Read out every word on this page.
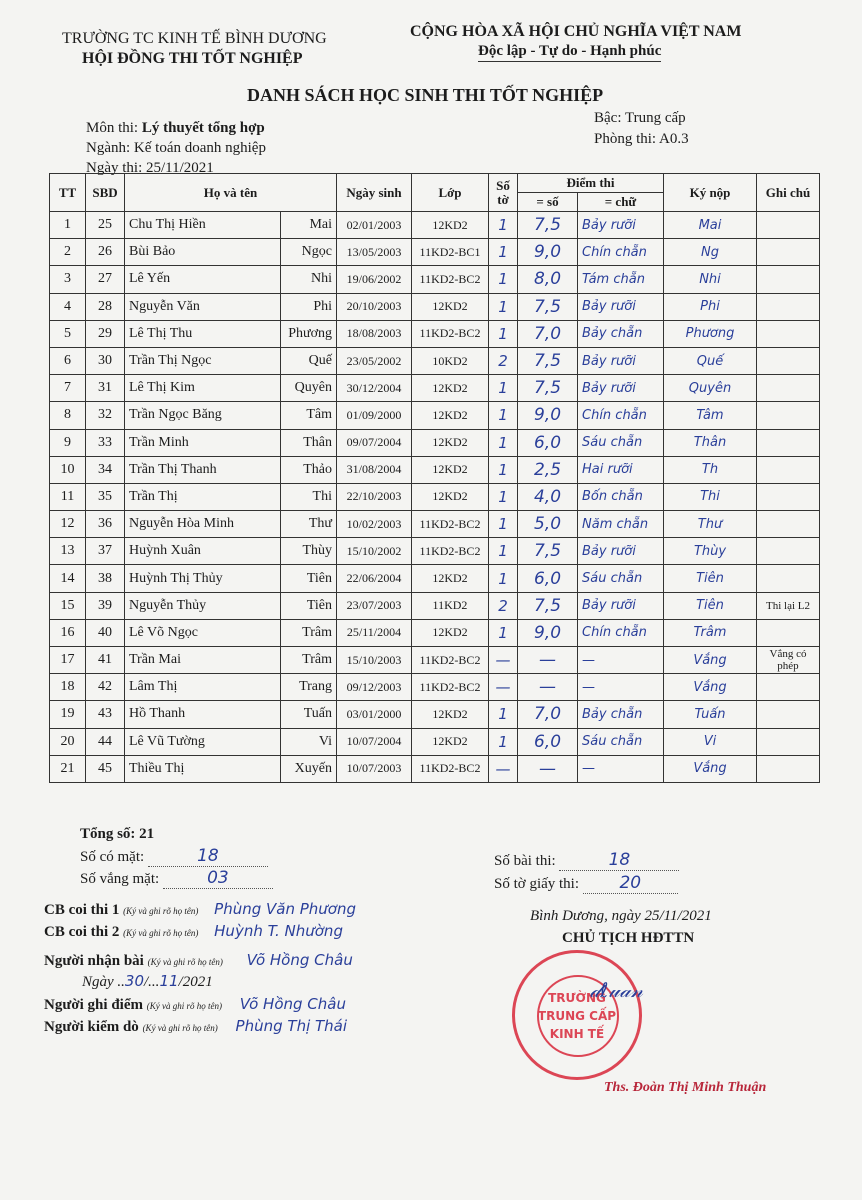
TRƯỜNG TC KINH TẾ BÌNH DƯƠNG
HỘI ĐỒNG THI TỐT NGHIỆP
CỘNG HÒA XÃ HỘI CHỦ NGHĨA VIỆT NAM
Độc lập - Tự do - Hạnh phúc
DANH SÁCH HỌC SINH THI TỐT NGHIỆP
Môn thi: Lý thuyết tổng hợp
Ngành: Kế toán doanh nghiệp
Ngày thi: 25/11/2021
Bậc: Trung cấp
Phòng thi: A0.3
TT	SBD	Họ và tên		Ngày sinh	Lớp	Số tờ	Điểm thi		Ký nộp	Ghi chú
							= số	= chữ		
1	25	Chu Thị Hiền	Mai	02/01/2003	12KD2	1	7,5	Bảy rưỡi	Mai	
2	26	Bùi Bảo	Ngọc	13/05/2003	11KD2-BC1	1	9,0	Chín chẵn	Ng	
3	27	Lê Yến	Nhi	19/06/2002	11KD2-BC2	1	8,0	Tám chẵn	Nhi	
4	28	Nguyễn Văn	Phi	20/10/2003	12KD2	1	7,5	Bảy rưỡi	Phi	
5	29	Lê Thị Thu	Phương	18/08/2003	11KD2-BC2	1	7,0	Bảy chẵn	Phương	
6	30	Trần Thị Ngọc	Quế	23/05/2002	10KD2	2	7,5	Bảy rưỡi	Quế	
7	31	Lê Thị Kim	Quyên	30/12/2004	12KD2	1	7,5	Bảy rưỡi	Quyên	
8	32	Trần Ngọc Băng	Tâm	01/09/2000	12KD2	1	9,0	Chín chẵn	Tâm	
9	33	Trần Minh	Thân	09/07/2004	12KD2	1	6,0	Sáu chẵn	Thân	
10	34	Trần Thị Thanh	Thảo	31/08/2004	12KD2	1	2,5	Hai rưỡi	Th	
11	35	Trần Thị	Thi	22/10/2003	12KD2	1	4,0	Bốn chẵn	Thi	
12	36	Nguyễn Hòa Minh	Thư	10/02/2003	11KD2-BC2	1	5,0	Năm chẵn	Thư	
13	37	Huỳnh Xuân	Thùy	15/10/2002	11KD2-BC2	1	7,5	Bảy rưỡi	Thùy	
14	38	Huỳnh Thị Thủy	Tiên	22/06/2004	12KD2	1	6,0	Sáu chẵn	Tiên	
15	39	Nguyễn Thủy	Tiên	23/07/2003	11KD2	2	7,5	Bảy rưỡi	Tiên	Thi lại L2
16	40	Lê Võ Ngọc	Trâm	25/11/2004	12KD2	1	9,0	Chín chẵn	Trâm	
17	41	Trần Mai	Trâm	15/10/2003	11KD2-BC2	—	—	—	Vắng	Vắng có phép
18	42	Lâm Thị	Trang	09/12/2003	11KD2-BC2	—	—	—	Vắng	
19	43	Hồ Thanh	Tuấn	03/01/2000	12KD2	1	7,0	Bảy chẵn	Tuấn	
20	44	Lê Vũ Tường	Vi	10/07/2004	12KD2	1	6,0	Sáu chẵn	Vi	
21	45	Thiều Thị	Xuyến	10/07/2003	11KD2-BC2	—	—	—	Vắng	
Tổng số: 21
Số có mặt:	18
Số vắng mặt:	03
Số bài thi:	18
Số tờ giấy thi: 20
CB coi thi 1 (Ký và ghi rõ họ tên) Phùng Văn Phương
CB coi thi 2 (Ký và ghi rõ họ tên) Huỳnh T. Nhường
Người nhận bài (Ký và ghi rõ họ tên) Võ Hồng Châu
Ngày ..30/...11/2021
Người ghi điểm (Ký và ghi rõ họ tên) Võ Hồng Châu
Người kiểm dò (Ký và ghi rõ họ tên) Phùng Thị Thái
Bình Dương, ngày 25/11/2021
CHỦ TỊCH HĐTTN
TRƯỜNG
TRUNG CẤP
KINH TẾ
𝒹ℓ𝓊𝒶𝓃
Ths. Đoàn Thị Minh Thuận
